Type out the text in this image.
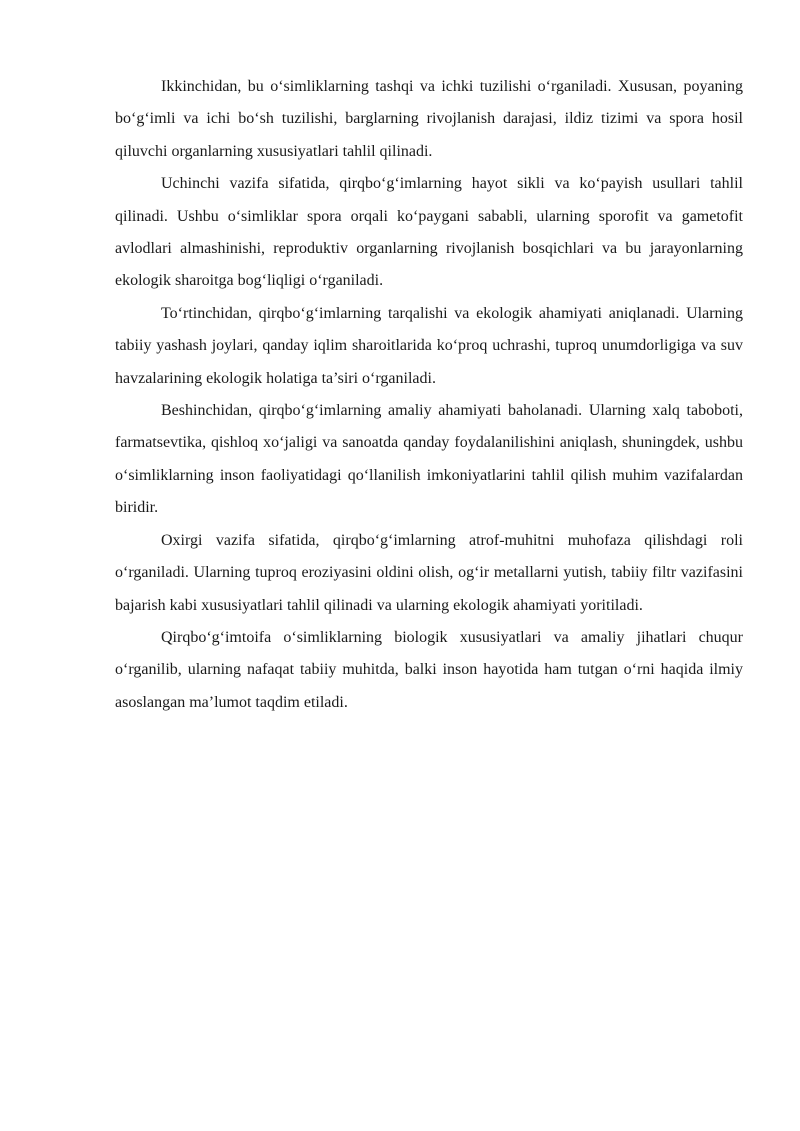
Ikkinchidan, bu o‘simliklarning tashqi va ichki tuzilishi o‘rganiladi. Xususan, poyaning bo‘g‘imli va ichi bo‘sh tuzilishi, barglarning rivojlanish darajasi, ildiz tizimi va spora hosil qiluvchi organlarning xususiyatlari tahlil qilinadi.

Uchinchi vazifa sifatida, qirqbo‘g‘imlarning hayot sikli va ko‘payish usullari tahlil qilinadi. Ushbu o‘simliklar spora orqali ko‘paygani sababli, ularning sporofit va gametofit avlodlari almashinishi, reproduktiv organlarning rivojlanish bosqichlari va bu jarayonlarning ekologik sharoitga bog‘liqligi o‘rganiladi.

To‘rtinchidan, qirqbo‘g‘imlarning tarqalishi va ekologik ahamiyati aniqlanadi. Ularning tabiiy yashash joylari, qanday iqlim sharoitlarida ko‘proq uchrashi, tuproq unumdorligiga va suv havzalarining ekologik holatiga ta’siri o‘rganiladi.

Beshinchidan, qirqbo‘g‘imlarning amaliy ahamiyati baholanadi. Ularning xalq taboboti, farmatsevtika, qishloq xo‘jaligi va sanoatda qanday foydalanilishini aniqlash, shuningdek, ushbu o‘simliklarning inson faoliyatidagi qo‘llanilish imkoniyatlarini tahlil qilish muhim vazifalardan biridir.

Oxirgi vazifa sifatida, qirqbo‘g‘imlarning atrof-muhitni muhofaza qilishdagi roli o‘rganiladi. Ularning tuproq eroziyasini oldini olish, og‘ir metallarni yutish, tabiiy filtr vazifasini bajarish kabi xususiyatlari tahlil qilinadi va ularning ekologik ahamiyati yoritiladi.

Qirqbo‘g‘imtoifa o‘simliklarning biologik xususiyatlari va amaliy jihatlari chuqur o‘rganilib, ularning nafaqat tabiiy muhitda, balki inson hayotida ham tutgan o‘rni haqida ilmiy asoslangan ma’lumot taqdim etiladi.
